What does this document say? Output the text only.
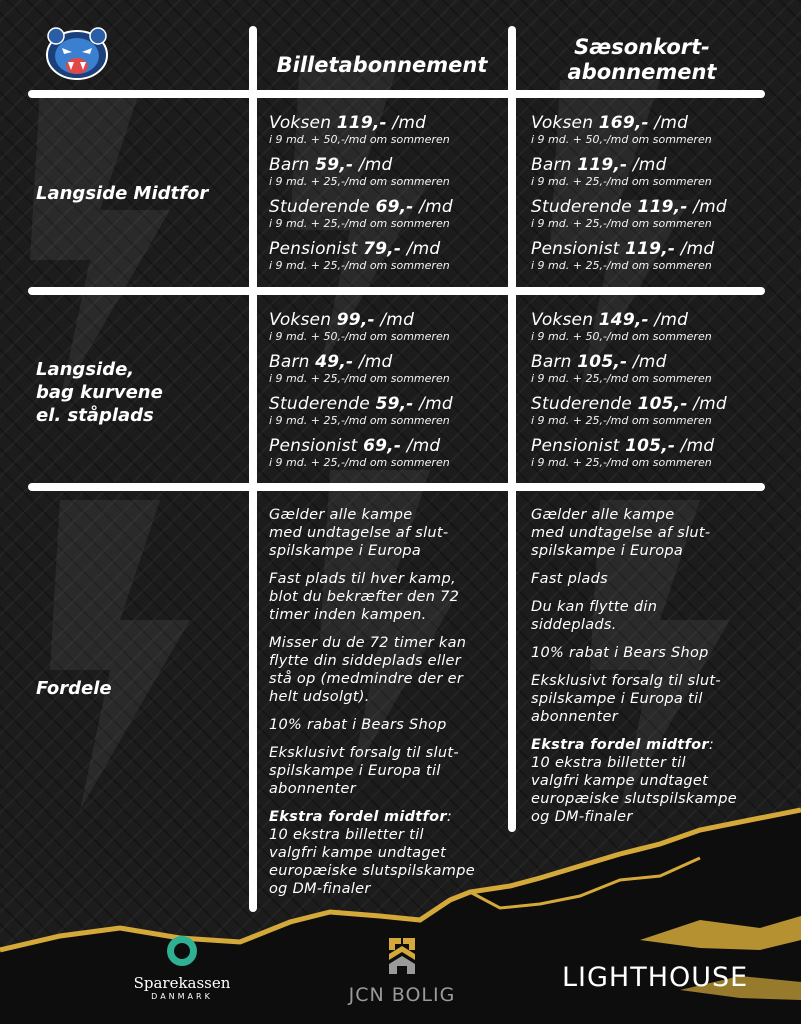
Billetabonnement
Sæsonkort-
abonnement
Langside Midtfor
Langside,
bag kurvene
el. ståplads
Fordele
Voksen 119,- /md
i 9 md. + 50,-/md om sommeren
Barn 59,- /md
i 9 md. + 25,-/md om sommeren
Studerende 69,- /md
i 9 md. + 25,-/md om sommeren
Pensionist 79,- /md
i 9 md. + 25,-/md om sommeren
Voksen 169,- /md
i 9 md. + 50,-/md om sommeren
Barn 119,- /md
i 9 md. + 25,-/md om sommeren
Studerende 119,- /md
i 9 md. + 25,-/md om sommeren
Pensionist 119,- /md
i 9 md. + 25,-/md om sommeren
Voksen 99,- /md
i 9 md. + 50,-/md om sommeren
Barn 49,- /md
i 9 md. + 25,-/md om sommeren
Studerende 59,- /md
i 9 md. + 25,-/md om sommeren
Pensionist 69,- /md
i 9 md. + 25,-/md om sommeren
Voksen 149,- /md
i 9 md. + 50,-/md om sommeren
Barn 105,- /md
i 9 md. + 25,-/md om sommeren
Studerende 105,- /md
i 9 md. + 25,-/md om sommeren
Pensionist 105,- /md
i 9 md. + 25,-/md om sommeren

Gælder alle kampe
med undtagelse af slut-
spilskampe i Europa

Fast plads til hver kamp,
blot du bekræfter den 72
timer inden kampen.

Misser du de 72 timer kan
flytte din siddeplads eller
stå op (medmindre der er
helt udsolgt).

10% rabat i Bears Shop

Eksklusivt forsalg til slut-
spilskampe i Europa til
abonnenter

Ekstra fordel midtfor:
10 ekstra billetter til
valgfri kampe undtaget
europæiske slutspilskampe
og DM-finaler

Gælder alle kampe
med undtagelse af slut-
spilskampe i Europa

Fast plads

Du kan flytte din
siddeplads.

10% rabat i Bears Shop

Eksklusivt forsalg til slut-
spilskampe i Europa til
abonnenter

Ekstra fordel midtfor:
10 ekstra billetter til
valgfri kampe undtaget
europæiske slutspilskampe
og DM-finaler

Sparekassen
DANMARK	JCN BOLIG
LIGHTHOUSE
